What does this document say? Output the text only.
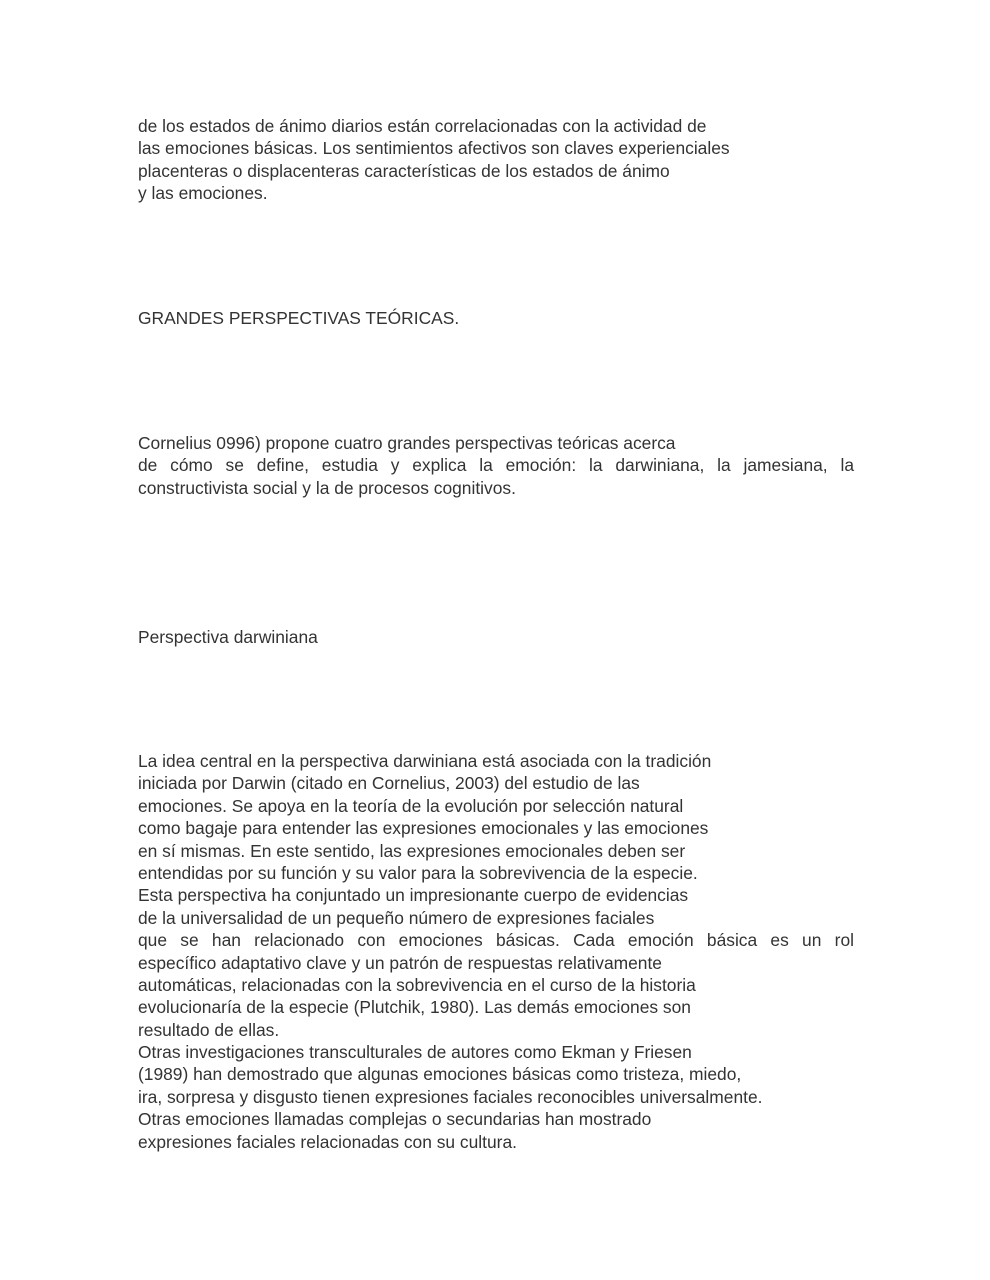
de los estados de ánimo diarios están correlacionadas con la actividad de
las emociones básicas. Los sentimientos afectivos son claves experienciales
placenteras o displacenteras características de los estados de ánimo
y las emociones.
GRANDES PERSPECTIVAS TEÓRICAS.
Cornelius 0996) propone cuatro grandes perspectivas teóricas acerca
de cómo se define, estudia y explica la emoción: la darwiniana, la jamesiana, la
constructivista social y la de procesos cognitivos.
Perspectiva darwiniana
La idea central en la perspectiva darwiniana está asociada con la tradición
iniciada por Darwin (citado en Cornelius, 2003) del estudio de las
emociones. Se apoya en la teoría de la evolución por selección natural
como bagaje para entender las expresiones emocionales y las emociones
en sí mismas. En este sentido, las expresiones emocionales deben ser
entendidas por su función y su valor para la sobrevivencia de la especie.
Esta perspectiva ha conjuntado un impresionante cuerpo de evidencias
de la universalidad de un pequeño número de expresiones faciales
que se han relacionado con emociones básicas. Cada emoción básica es un rol
específico adaptativo clave y un patrón de respuestas relativamente
automáticas, relacionadas con la sobrevivencia en el curso de la historia
evolucionaría de la especie (Plutchik, 1980). Las demás emociones son
resultado de ellas.
Otras investigaciones transculturales de autores como Ekman y Friesen
(1989) han demostrado que algunas emociones básicas como tristeza, miedo,
ira, sorpresa y disgusto tienen expresiones faciales reconocibles universalmente.
Otras emociones llamadas complejas o secundarias han mostrado
expresiones faciales relacionadas con su cultura.
